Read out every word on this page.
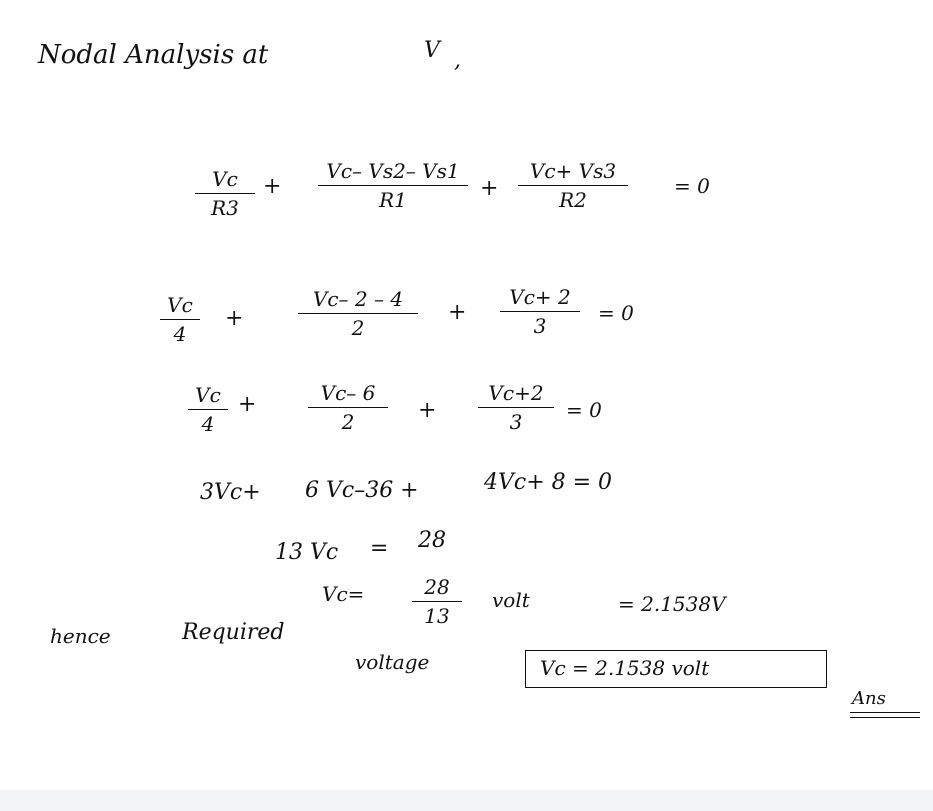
Nodal Analysis at	V ,
Vc
R3
+
Vc– Vs2– Vs1
R1	+
Vc+ Vs3
R2
= 0
Vc
4
+
Vc– 2 – 4
2
+
Vc+ 2
3
= 0
Vc
4
+	Vc– 6
2	+
Vc+2
3	= 0
3Vc+ 6 Vc–36 +	4Vc+ 8 = 0
13 Vc = 28
Vc=	28
13
volt	= 2.1538V
hence	Required
voltage	Vc = 2.1538 volt
Ans
